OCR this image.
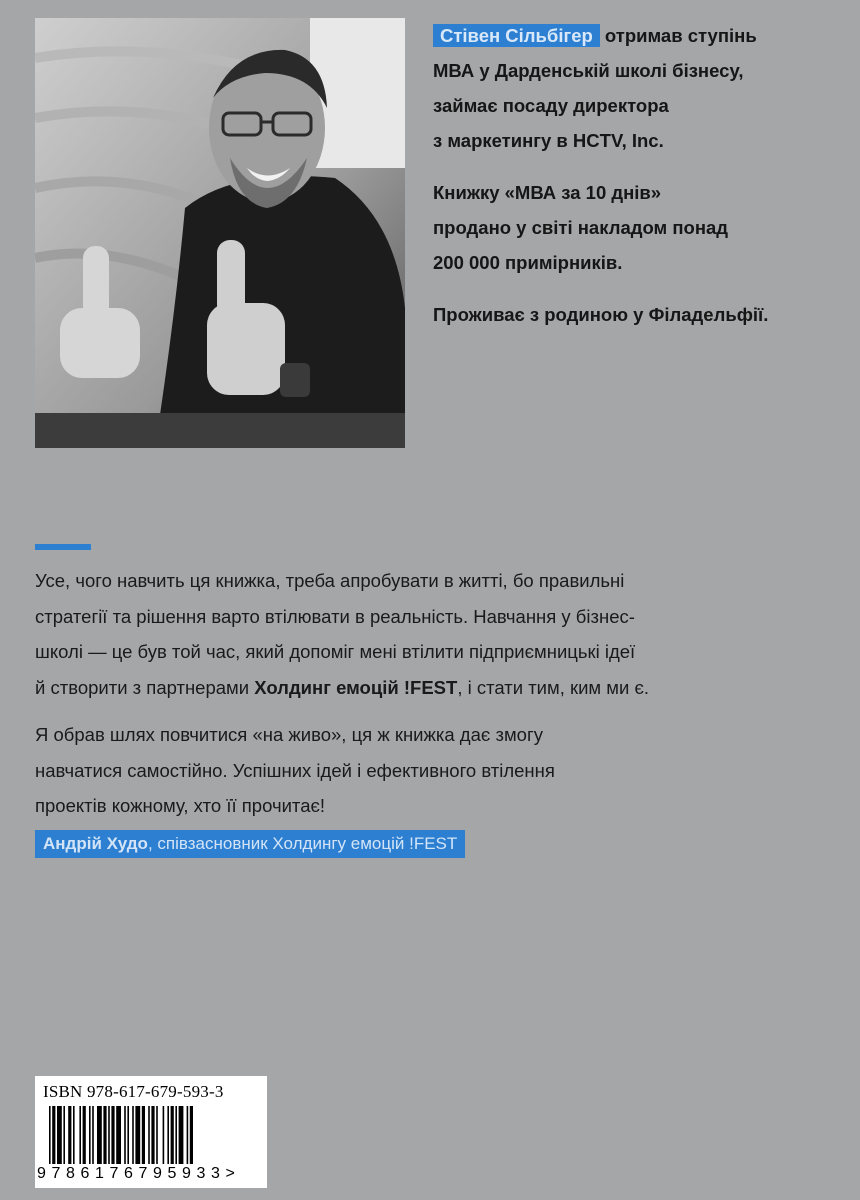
Стівен Сільбігер отримав ступінь
МВА у Дарденській школі бізнесу,
займає посаду директора
з маркетингу в HCTV, Inc.

Книжку «МВА за 10 днів»
продано у світі накладом понад
200 000 примірників.

Проживає з родиною у Філадельфії.

Усе, чого навчить ця книжка, треба апробувати в житті, бо правильні
стратегії та рішення варто втілювати в реальність. Навчання у бізнес-
школі — це був той час, який допоміг мені втілити підприємницькі ідеї
й створити з партнерами Холдинг емоцій !FEST, і стати тим, ким ми є.

Я обрав шлях повчитися «на живо», ця ж книжка дає змогу
навчатися самостійно. Успішних ідей і ефективного втілення
проектів кожному, хто її прочитає!

Андрій Худо, співзасновник Холдингу емоцій !FEST
ISBN 978-617-679-593-3
9786176795933>
